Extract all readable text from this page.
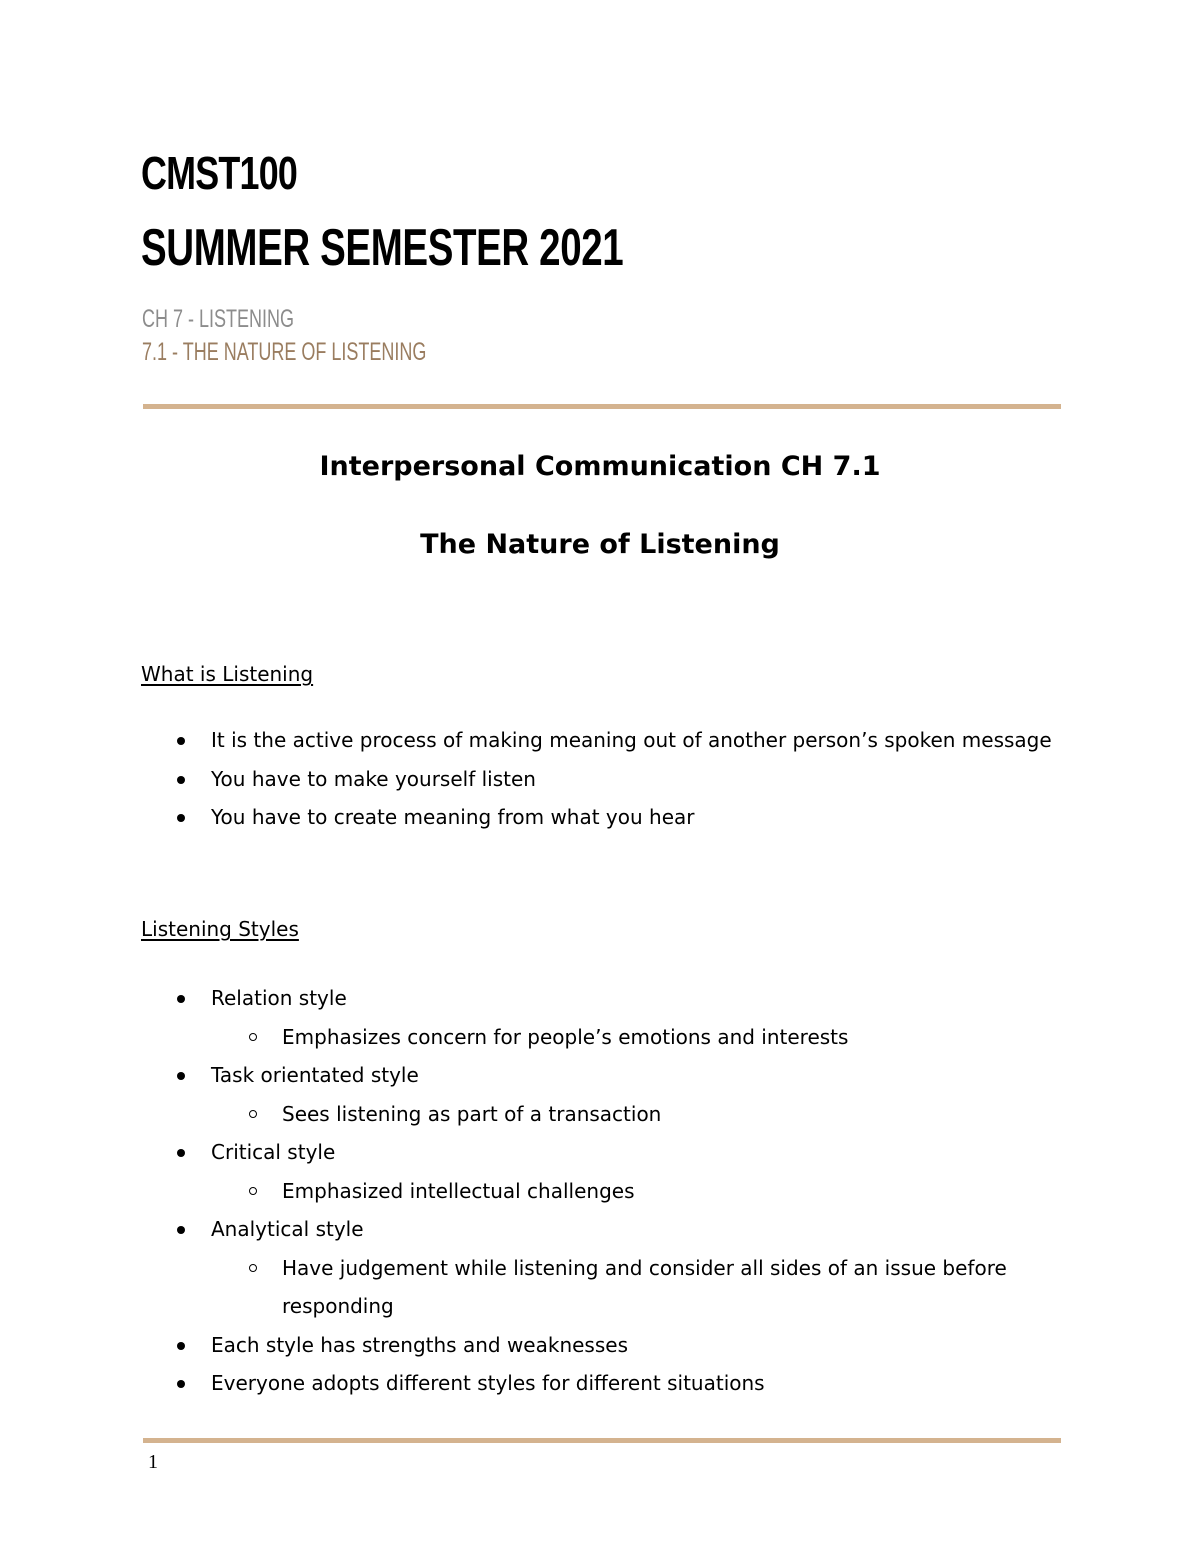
CMST100
SUMMER SEMESTER 2021

CH 7 - LISTENING

7.1 - THE NATURE OF LISTENING

Interpersonal Communication CH 7.1
The Nature of Listening

What is Listening

It is the active process of making meaning out of another person’s spoken message
You have to make yourself listen
You have to create meaning from what you hear

Listening Styles

Relation style
Emphasizes concern for people’s emotions and interests
Task orientated style
Sees listening as part of a transaction
Critical style
Emphasized intellectual challenges
Analytical style
Have judgement while listening and consider all sides of an issue before responding
Each style has strengths and weaknesses
Everyone adopts different styles for different situations

1
